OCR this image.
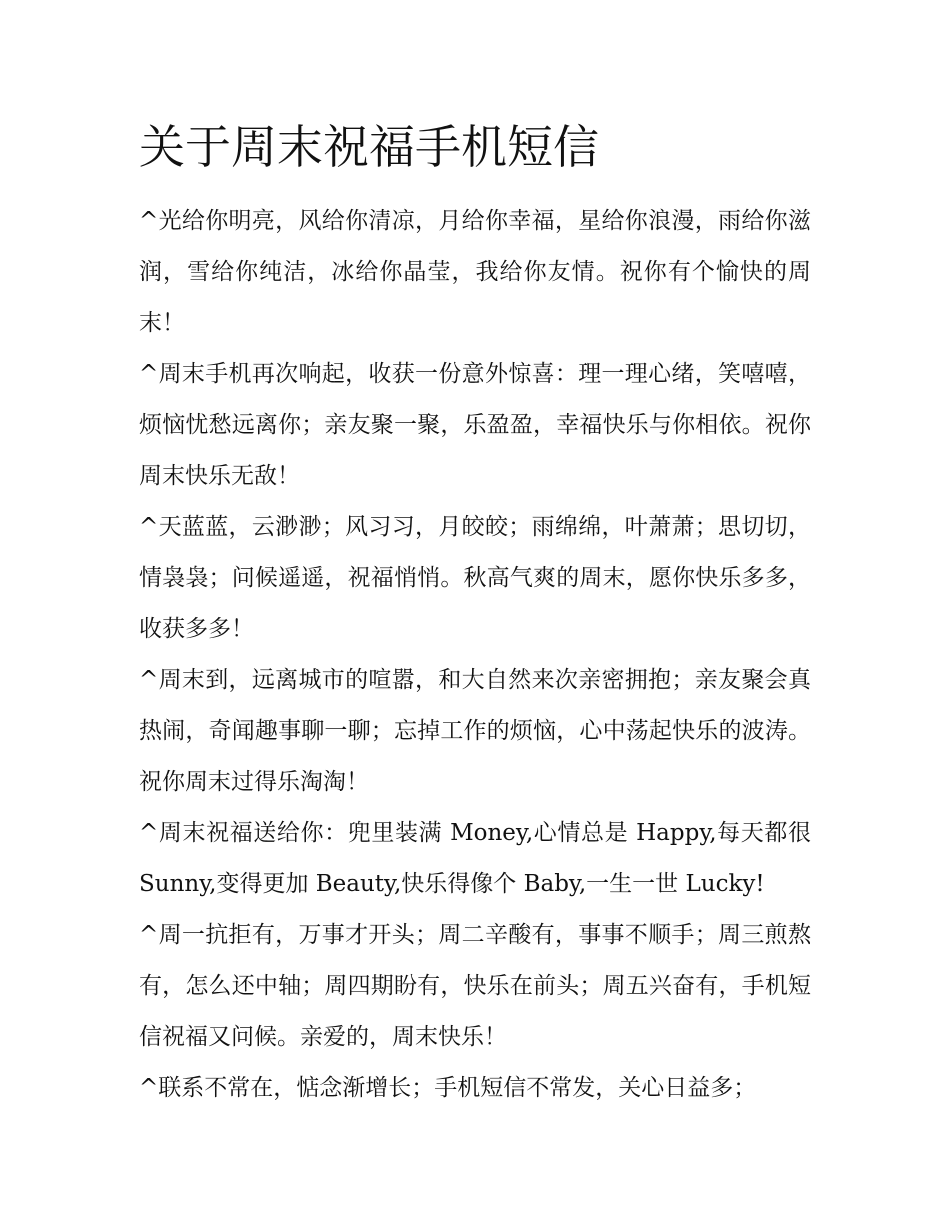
关于周末祝福手机短信

^光给你明亮，风给你清凉，月给你幸福，星给你浪漫，雨给你滋润，雪给你纯洁，冰给你晶莹，我给你友情。祝你有个愉快的周末！

^周末手机再次响起，收获一份意外惊喜：理一理心绪，笑嘻嘻，烦恼忧愁远离你；亲友聚一聚，乐盈盈，幸福快乐与你相依。祝你周末快乐无敌！

^天蓝蓝，云渺渺；风习习，月皎皎；雨绵绵，叶萧萧；思切切，情袅袅；问候遥遥，祝福悄悄。秋高气爽的周末，愿你快乐多多，收获多多！

^周末到，远离城市的喧嚣，和大自然来次亲密拥抱；亲友聚会真热闹，奇闻趣事聊一聊；忘掉工作的烦恼，心中荡起快乐的波涛。祝你周末过得乐淘淘！

^周末祝福送给你：兜里装满 Money,心情总是 Happy,每天都很 Sunny,变得更加 Beauty,快乐得像个 Baby,一生一世 Lucky!

^周一抗拒有，万事才开头；周二辛酸有，事事不顺手；周三煎熬有，怎么还中轴；周四期盼有，快乐在前头；周五兴奋有，手机短信祝福又问候。亲爱的，周末快乐！

^联系不常在，惦念渐增长；手机短信不常发，关心日益多；
